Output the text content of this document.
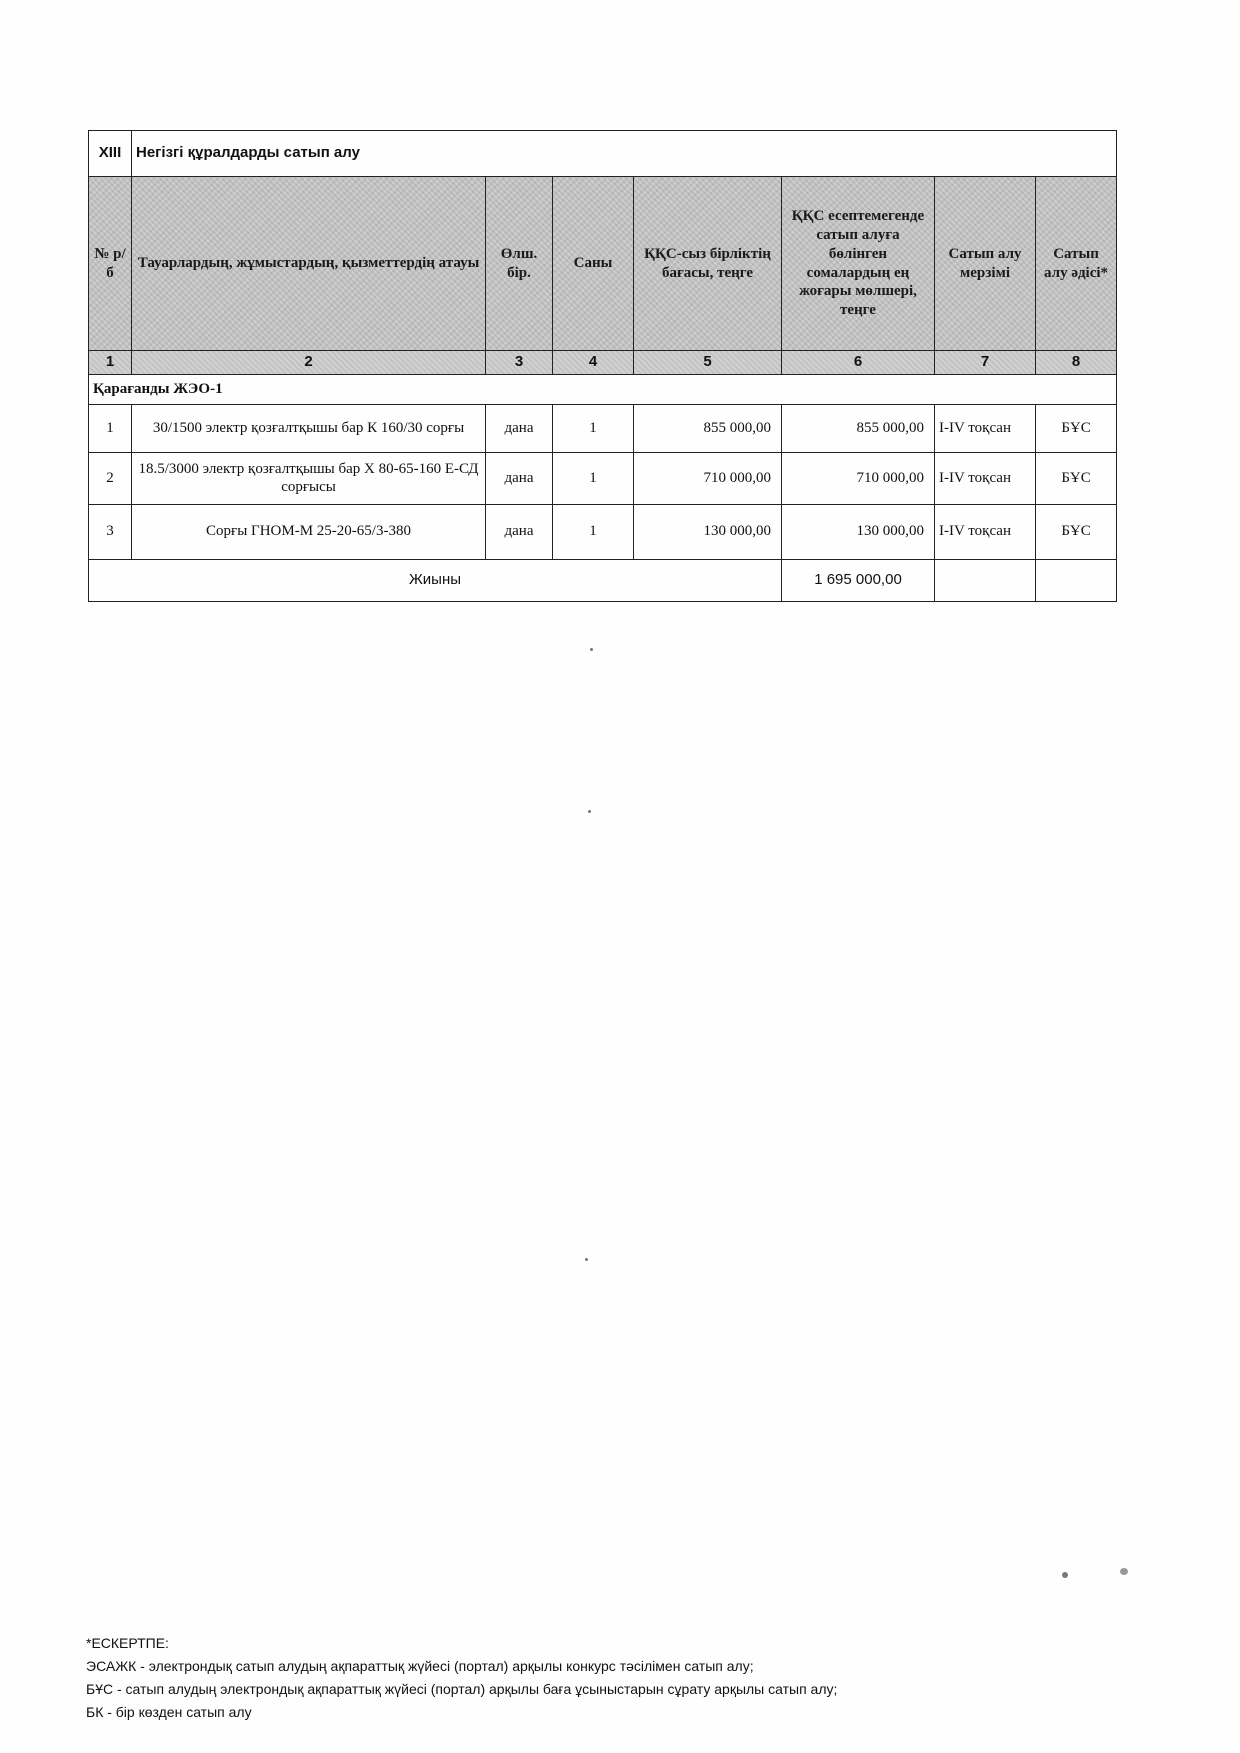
XIII	Негізгі құралдарды сатып алу						
№ р/б	Тауарлардың, жұмыстардың, қызметтердің атауы	Өлш. бір.	Саны	ҚҚС-сыз бірліктің бағасы, теңге	ҚҚС есептемегенде сатып алуға бөлінген сомалардың ең жоғары мөлшері, теңге	Сатып алу мерзімі	Сатып алу әдісі*
1	2	3	4	5	6	7	8
Қарағанды ЖЭО-1							
1	30/1500 электр қозғалтқышы бар К 160/30 сорғы	дана	1	855 000,00	855 000,00	I-IV тоқсан	БҰС
2	18.5/3000 электр қозғалтқышы бар Х 80-65-160 Е-СД сорғысы	дана	1	710 000,00	710 000,00	I-IV тоқсан	БҰС
3	Сорғы ГНОМ-М 25-20-65/3-380	дана	1	130 000,00	130 000,00	I-IV тоқсан	БҰС
Жиыны					1 695 000,00		
*ЕСКЕРТПЕ:
ЭСАЖК - электрондық сатып алудың ақпараттық жүйесі (портал) арқылы конкурс тәсілімен сатып алу;
БҰС - сатып алудың электрондық ақпараттық жүйесі (портал) арқылы баға ұсыныстарын сұрату арқылы сатып алу;
БК - бір көзден сатып алу
